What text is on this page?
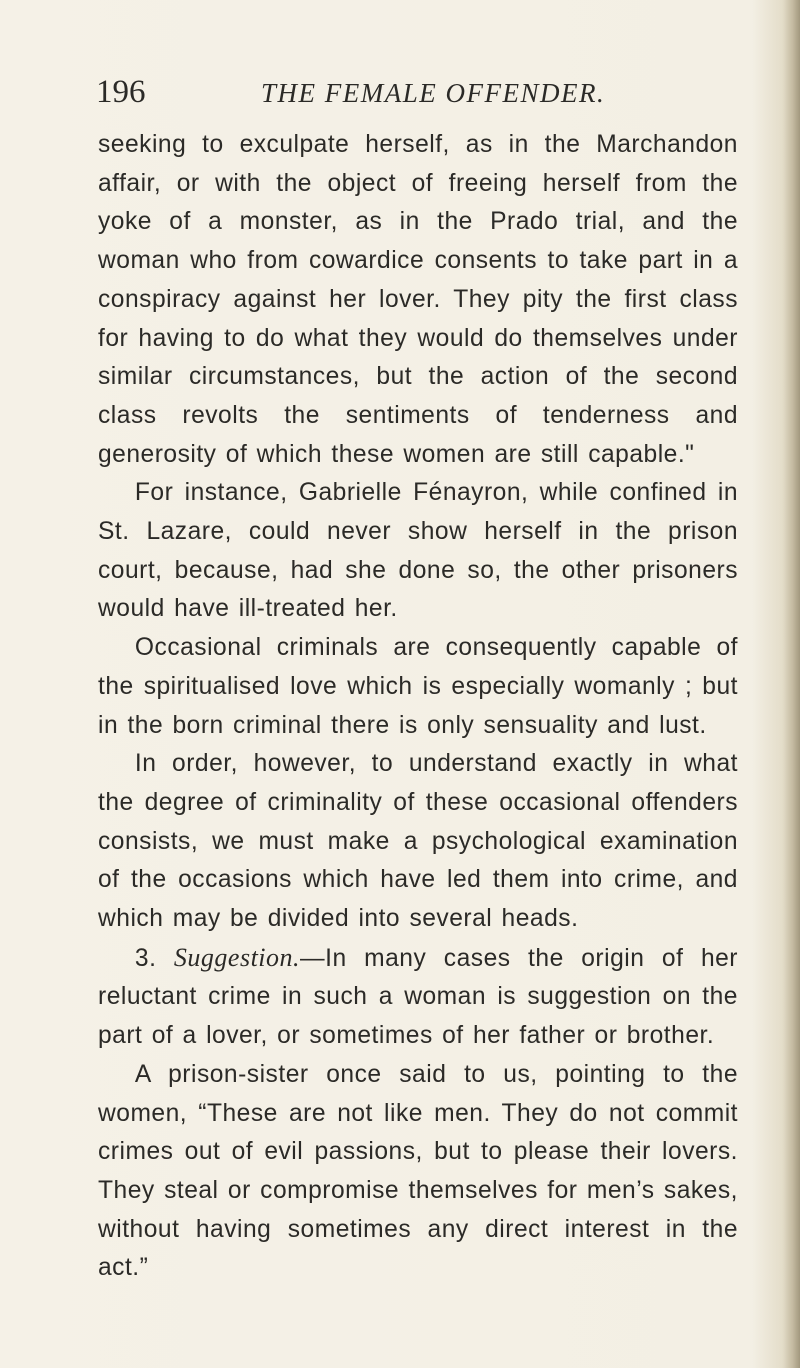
196	THE FEMALE OFFENDER.

seeking to exculpate herself, as in the Marchandon affair, or with the object of freeing herself from the yoke of a monster, as in the Prado trial, and the woman who from cowardice consents to take part in a conspiracy against her lover. They pity the first class for having to do what they would do themselves under similar circumstances, but the action of the second class revolts the sentiments of tenderness and generosity of which these women are still capable."

For instance, Gabrielle Fénayron, while confined in St. Lazare, could never show herself in the prison court, because, had she done so, the other prisoners would have ill-treated her.

Occasional criminals are consequently capable of the spiritualised love which is especially womanly ; but in the born criminal there is only sensuality and lust.

In order, however, to understand exactly in what the degree of criminality of these occasional offenders consists, we must make a psychological examination of the occasions which have led them into crime, and which may be divided into several heads.

3. Suggestion.—In many cases the origin of her reluctant crime in such a woman is suggestion on the part of a lover, or sometimes of her father or brother.

A prison-sister once said to us, pointing to the women, “These are not like men. They do not commit crimes out of evil passions, but to please their lovers. They steal or compromise themselves for men’s sakes, without having sometimes any direct interest in the act.”
